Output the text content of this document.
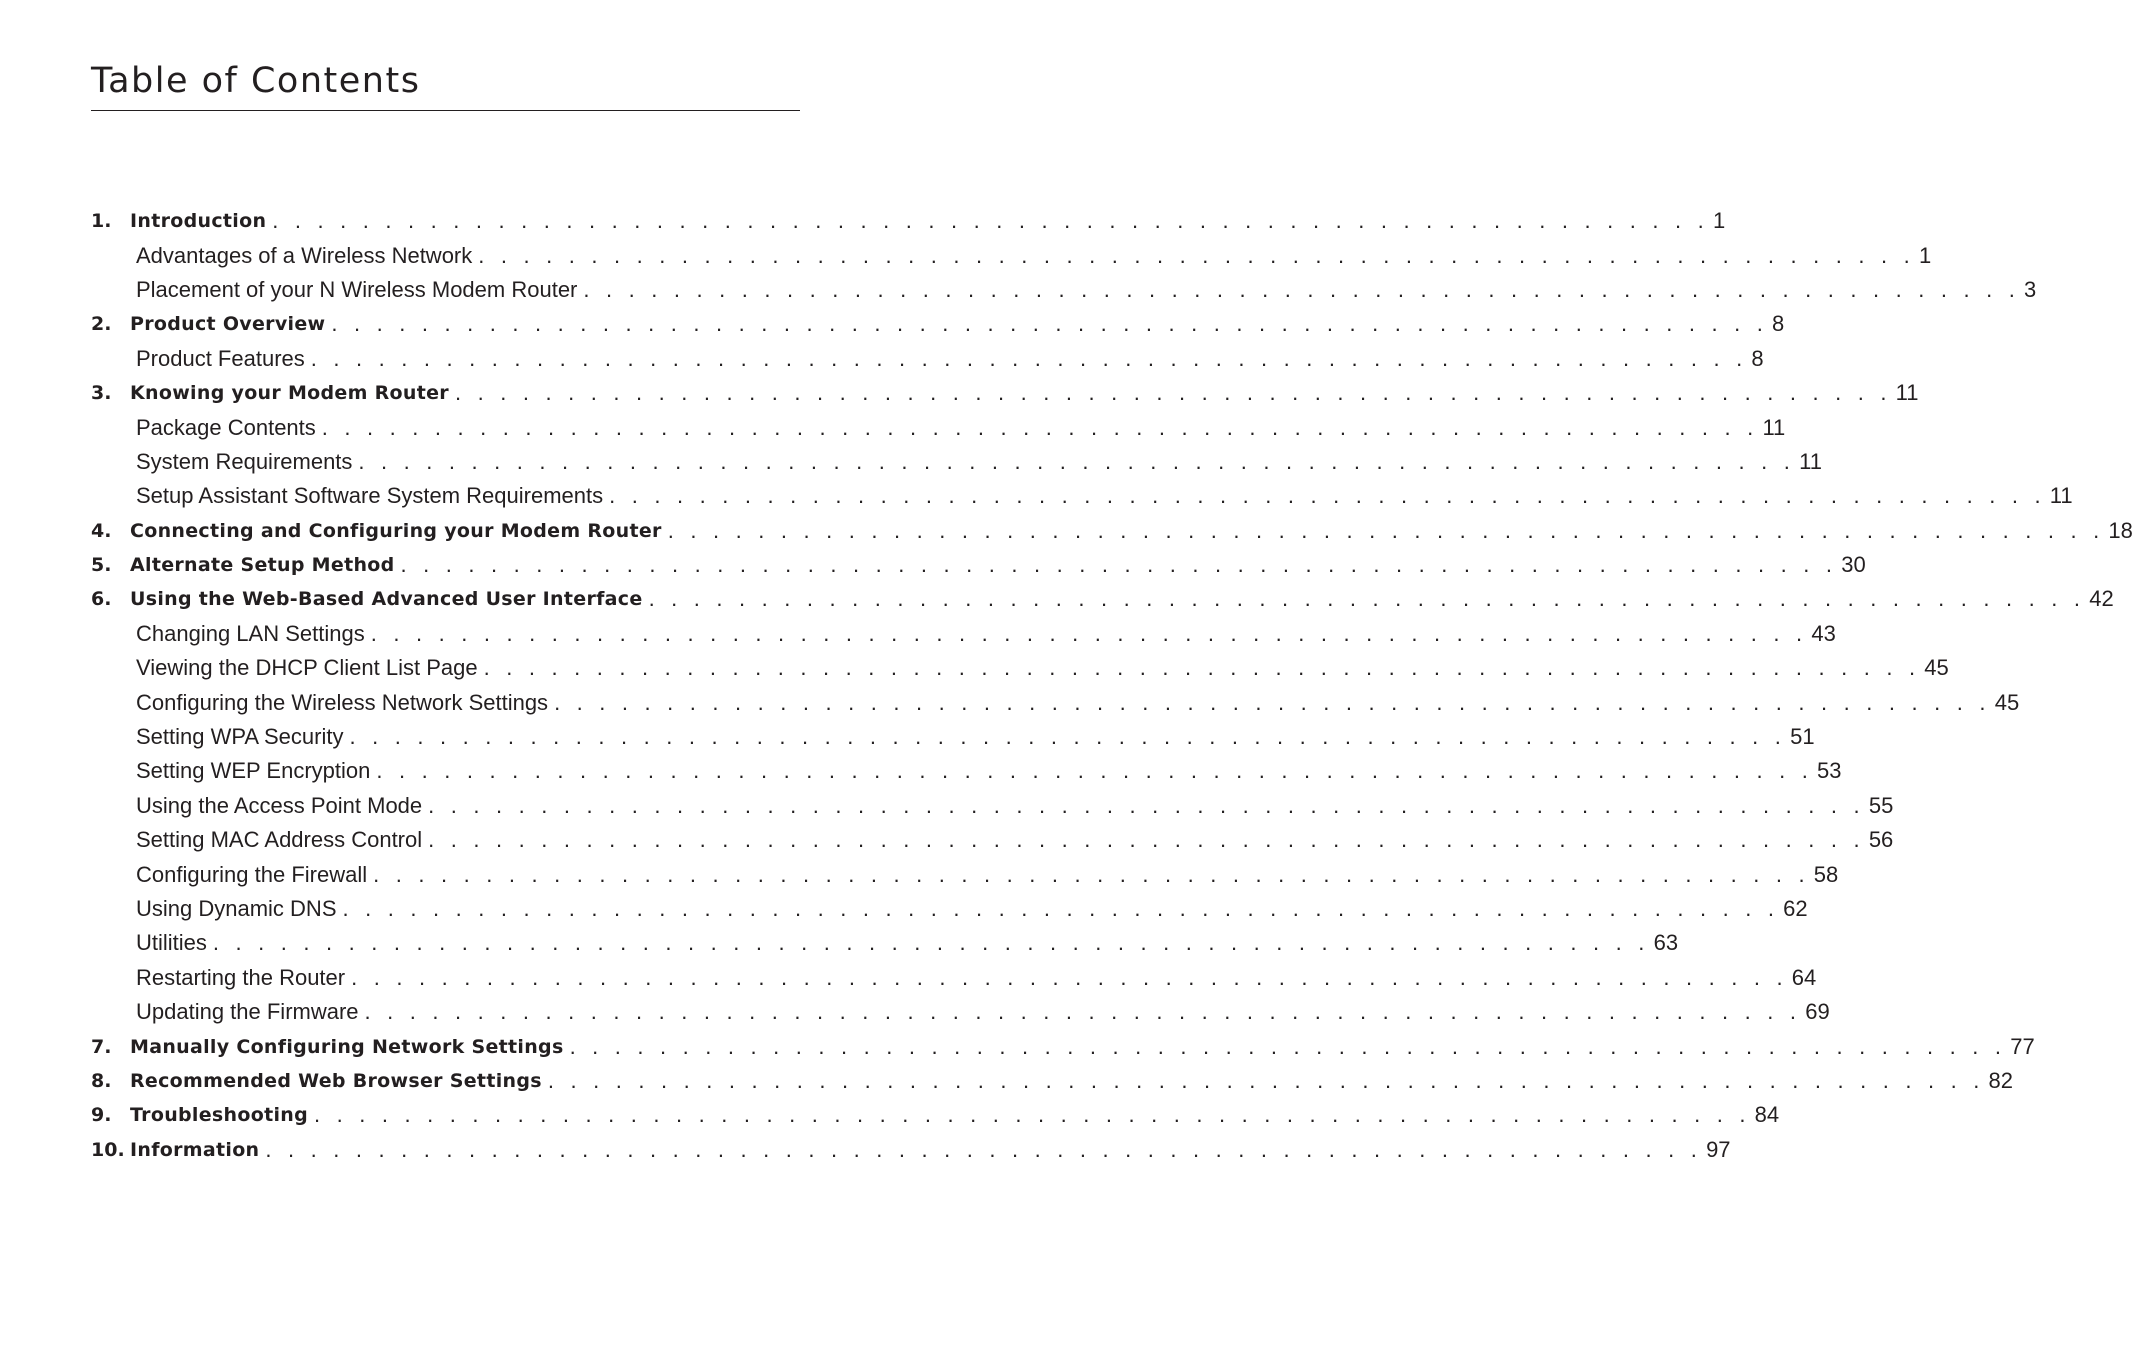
Table of Contents
1. Introduction . . . . . . . . . . . . . . . . . . . . . . . . . . . . . . . . . . . . . . . . . . . . . . . . . . . . . . . . . . . . . . . . 1
Advantages of a Wireless Network . . . . . . . . . . . . . . . . . . . . . . . . . . . . . . . . . . . . . . . . . . . . . . . . . . . . . . . . . . . . . . . . 1
Placement of your N Wireless Modem Router . . . . . . . . . . . . . . . . . . . . . . . . . . . . . . . . . . . . . . . . . . . . . . . . . . . . . . . . . . . . . . . . 3
2. Product Overview . . . . . . . . . . . . . . . . . . . . . . . . . . . . . . . . . . . . . . . . . . . . . . . . . . . . . . . . . . . . . . . . 8
Product Features . . . . . . . . . . . . . . . . . . . . . . . . . . . . . . . . . . . . . . . . . . . . . . . . . . . . . . . . . . . . . . . . 8
3. Knowing your Modem Router . . . . . . . . . . . . . . . . . . . . . . . . . . . . . . . . . . . . . . . . . . . . . . . . . . . . . . . . . . . . . . . . 11
Package Contents . . . . . . . . . . . . . . . . . . . . . . . . . . . . . . . . . . . . . . . . . . . . . . . . . . . . . . . . . . . . . . . . 11
System Requirements . . . . . . . . . . . . . . . . . . . . . . . . . . . . . . . . . . . . . . . . . . . . . . . . . . . . . . . . . . . . . . . . 11
Setup Assistant Software System Requirements . . . . . . . . . . . . . . . . . . . . . . . . . . . . . . . . . . . . . . . . . . . . . . . . . . . . . . . . . . . . . . . . 11
4. Connecting and Configuring your Modem Router . . . . . . . . . . . . . . . . . . . . . . . . . . . . . . . . . . . . . . . . . . . . . . . . . . . . . . . . . . . . . . . . 18
5. Alternate Setup Method . . . . . . . . . . . . . . . . . . . . . . . . . . . . . . . . . . . . . . . . . . . . . . . . . . . . . . . . . . . . . . . . 30
6. Using the Web-Based Advanced User Interface . . . . . . . . . . . . . . . . . . . . . . . . . . . . . . . . . . . . . . . . . . . . . . . . . . . . . . . . . . . . . . . . 42
Changing LAN Settings . . . . . . . . . . . . . . . . . . . . . . . . . . . . . . . . . . . . . . . . . . . . . . . . . . . . . . . . . . . . . . . . 43
Viewing the DHCP Client List Page . . . . . . . . . . . . . . . . . . . . . . . . . . . . . . . . . . . . . . . . . . . . . . . . . . . . . . . . . . . . . . . . 45
Configuring the Wireless Network Settings . . . . . . . . . . . . . . . . . . . . . . . . . . . . . . . . . . . . . . . . . . . . . . . . . . . . . . . . . . . . . . . . 45
Setting WPA Security . . . . . . . . . . . . . . . . . . . . . . . . . . . . . . . . . . . . . . . . . . . . . . . . . . . . . . . . . . . . . . . . 51
Setting WEP Encryption . . . . . . . . . . . . . . . . . . . . . . . . . . . . . . . . . . . . . . . . . . . . . . . . . . . . . . . . . . . . . . . . 53
Using the Access Point Mode . . . . . . . . . . . . . . . . . . . . . . . . . . . . . . . . . . . . . . . . . . . . . . . . . . . . . . . . . . . . . . . . 55
Setting MAC Address Control . . . . . . . . . . . . . . . . . . . . . . . . . . . . . . . . . . . . . . . . . . . . . . . . . . . . . . . . . . . . . . . . 56
Configuring the Firewall . . . . . . . . . . . . . . . . . . . . . . . . . . . . . . . . . . . . . . . . . . . . . . . . . . . . . . . . . . . . . . . . 58
Using Dynamic DNS . . . . . . . . . . . . . . . . . . . . . . . . . . . . . . . . . . . . . . . . . . . . . . . . . . . . . . . . . . . . . . . . 62
Utilities . . . . . . . . . . . . . . . . . . . . . . . . . . . . . . . . . . . . . . . . . . . . . . . . . . . . . . . . . . . . . . . . 63
Restarting the Router . . . . . . . . . . . . . . . . . . . . . . . . . . . . . . . . . . . . . . . . . . . . . . . . . . . . . . . . . . . . . . . . 64
Updating the Firmware . . . . . . . . . . . . . . . . . . . . . . . . . . . . . . . . . . . . . . . . . . . . . . . . . . . . . . . . . . . . . . . . 69
7. Manually Configuring Network Settings . . . . . . . . . . . . . . . . . . . . . . . . . . . . . . . . . . . . . . . . . . . . . . . . . . . . . . . . . . . . . . . . 77
8. Recommended Web Browser Settings . . . . . . . . . . . . . . . . . . . . . . . . . . . . . . . . . . . . . . . . . . . . . . . . . . . . . . . . . . . . . . . . 82
9. Troubleshooting . . . . . . . . . . . . . . . . . . . . . . . . . . . . . . . . . . . . . . . . . . . . . . . . . . . . . . . . . . . . . . . . 84
10. Information . . . . . . . . . . . . . . . . . . . . . . . . . . . . . . . . . . . . . . . . . . . . . . . . . . . . . . . . . . . . . . . . 97
